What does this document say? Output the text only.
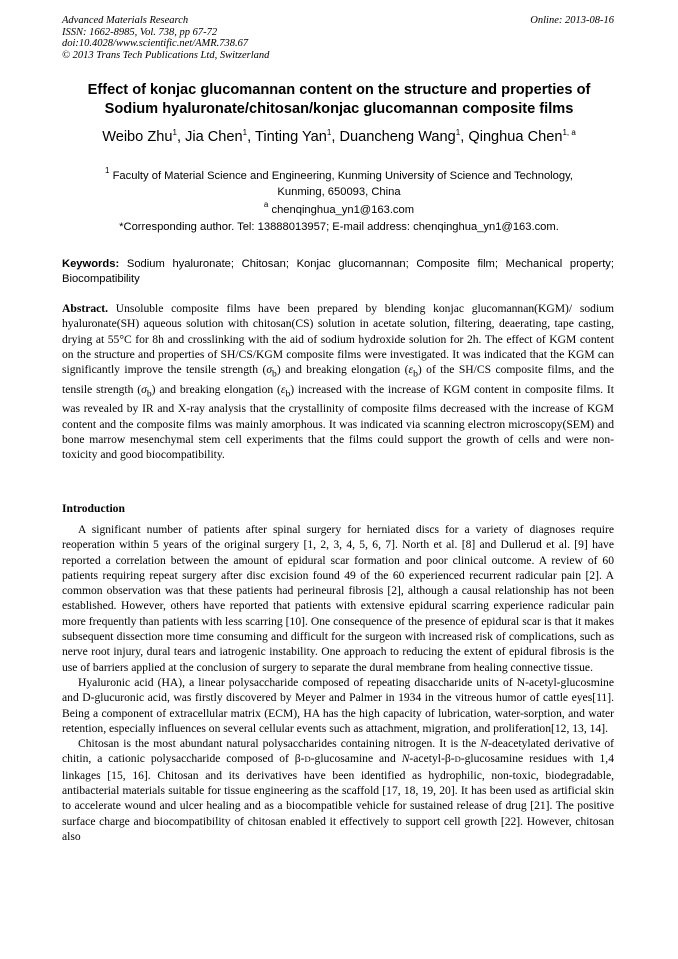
Advanced Materials Research
ISSN: 1662-8985, Vol. 738, pp 67-72
doi:10.4028/www.scientific.net/AMR.738.67
© 2013 Trans Tech Publications Ltd, Switzerland
Online: 2013-08-16
Effect of konjac glucomannan content on the structure and properties of
Sodium hyaluronate/chitosan/konjac glucomannan composite films
Weibo Zhu$^1$, Jia Chen$^1$, Tinting Yan$^1$, Duancheng Wang$^1$, Qinghua Chen$^{1, a}$
$^1$ Faculty of Material Science and Engineering, Kunming University of Science and Technology,
Kunming, 650093, China
$^a$ chenqinghua_yn1@163.com
*Corresponding author. Tel: 13888013957; E-mail address: chenqinghua_yn1@163.com.
Keywords: Sodium hyaluronate; Chitosan; Konjac glucomannan; Composite film; Mechanical property; Biocompatibility
Abstract. Unsoluble composite films have been prepared by blending konjac glucomannan(KGM)/ sodium hyaluronate(SH) aqueous solution with chitosan(CS) solution in acetate solution, filtering, deaerating, tape casting, drying at 55°C for 8h and crosslinking with the aid of sodium hydroxide solution for 2h. The effect of KGM content on the structure and properties of SH/CS/KGM composite films were investigated. It was indicated that the KGM can significantly improve the tensile strength $(\sigma_b)$ and breaking elongation $(\varepsilon_b)$ of the SH/CS composite films, and the tensile strength $(\sigma_b)$ and breaking elongation $(\varepsilon_b)$ increased with the increase of KGM content in composite films. It was revealed by IR and X-ray analysis that the crystallinity of composite films decreased with the increase of KGM content and the composite films was mainly amorphous. It was indicated via scanning electron microscopy(SEM) and bone marrow mesenchymal stem cell experiments that the films could support the growth of cells and were non-toxicity and good biocompatibility.
Introduction

A significant number of patients after spinal surgery for herniated discs for a variety of diagnoses require reoperation within 5 years of the original surgery [1, 2, 3, 4, 5, 6, 7]. North et al. [8] and Dullerud et al. [9] have reported a correlation between the amount of epidural scar formation and poor clinical outcome. A review of 60 patients requiring repeat surgery after disc excision found 49 of the 60 experienced recurrent radicular pain [2]. A common observation was that these patients had perineural fibrosis [2], although a causal relationship has not been established. However, others have reported that patients with extensive epidural scarring experience radicular pain more frequently than patients with less scarring [10]. One consequence of the presence of epidural scar is that it makes subsequent dissection more time consuming and difficult for the surgeon with increased risk of complications, such as nerve root injury, dural tears and iatrogenic instability. One approach to reducing the extent of epidural fibrosis is the use of barriers applied at the conclusion of surgery to separate the dural membrane from healing connective tissue.

Hyaluronic acid (HA), a linear polysaccharide composed of repeating disaccharide units of N-acetyl-glucosmine and D-glucuronic acid, was firstly discovered by Meyer and Palmer in 1934 in the vitreous humor of cattle eyes[11]. Being a component of extracellular matrix (ECM), HA has the high capacity of lubrication, water-sorption, and water retention, especially influences on several cellular events such as attachment, migration, and proliferation[12, 13, 14].

Chitosan is the most abundant natural polysaccharides containing nitrogen. It is the N-deacetylated derivative of chitin, a cationic polysaccharide composed of β-D-glucosamine and N-acetyl-β-D-glucosamine residues with 1,4 linkages [15, 16]. Chitosan and its derivatives have been identified as hydrophilic, non-toxic, biodegradable, antibacterial materials suitable for tissue engineering as the scaffold [17, 18, 19, 20]. It has been used as artificial skin to accelerate wound and ulcer healing and as a biocompatible vehicle for sustained release of drug [21]. The positive surface charge and biocompatibility of chitosan enabled it effectively to support cell growth [22]. However, chitosan also
